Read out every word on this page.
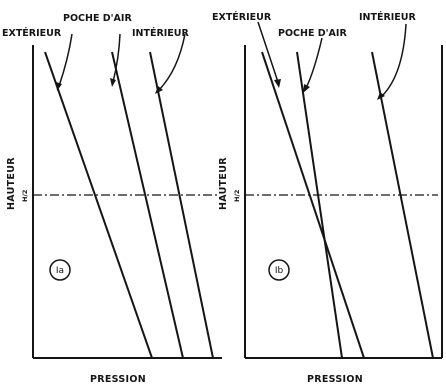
EXTÉRIEUR
POCHE D'AIR
INTÉRIEUR
HAUTEUR H/2
Ia
PRESSION
EXTÉRIEUR
POCHE D'AIR
INTÉRIEUR
HAUTEUR H/2
Ib
PRESSION
